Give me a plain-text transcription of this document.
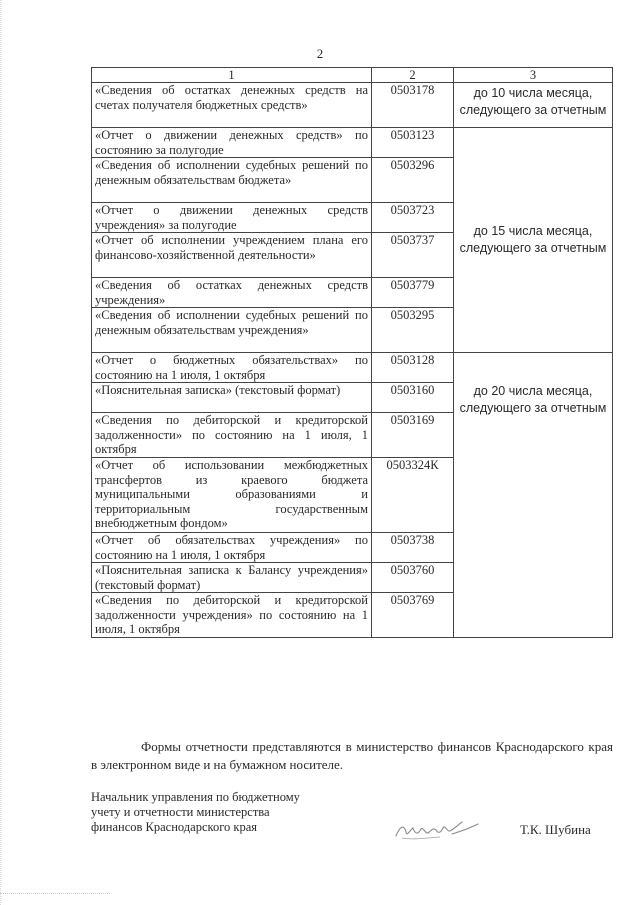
2
1	2	3
«Сведения об остатках денежных средств на счетах получателя бюджетных средств»	0503178	до 10 числа месяца, следующего за отчетным
«Отчет о движении денежных средств» по состоянию за полугодие	0503123	до 15 числа месяца, следующего за отчетным
«Сведения об исполнении судебных решений по денежным обязательствам бюджета»	0503296	
«Отчет о движении денежных средств учреждения» за полугодие	0503723	
«Отчет об исполнении учреждением плана его финансово-хозяйственной деятельности»	0503737	
«Сведения об остатках денежных средств учреждения»	0503779	
«Сведения об исполнении судебных решений по денежным обязательствам учреждения»	0503295	
«Отчет о бюджетных обязательствах» по состоянию на 1 июля, 1 октября	0503128	до 20 числа месяца, следующего за отчетным
«Пояснительная записка» (текстовый формат)	0503160	
«Сведения по дебиторской и кредиторской задолженности» по состоянию на 1 июля, 1 октября	0503169	
«Отчет об использовании межбюджетных трансфертов из краевого бюджета муниципальными образованиями и территориальным государственным внебюджетным фондом»	0503324К	
«Отчет об обязательствах учреждения» по состоянию на 1 июля, 1 октября	0503738	
«Пояснительная записка к Балансу учреждения» (текстовый формат)	0503760	
«Сведения по дебиторской и кредиторской задолженности учреждения» по состоянию на 1 июля, 1 октября	0503769	
Формы отчетности представляются в министерство финансов Краснодарского края в электронном виде и на бумажном носителе.
Начальник управления по бюджетному
учету и отчетности министерства
финансов Краснодарского края	Т.К. Шубина
